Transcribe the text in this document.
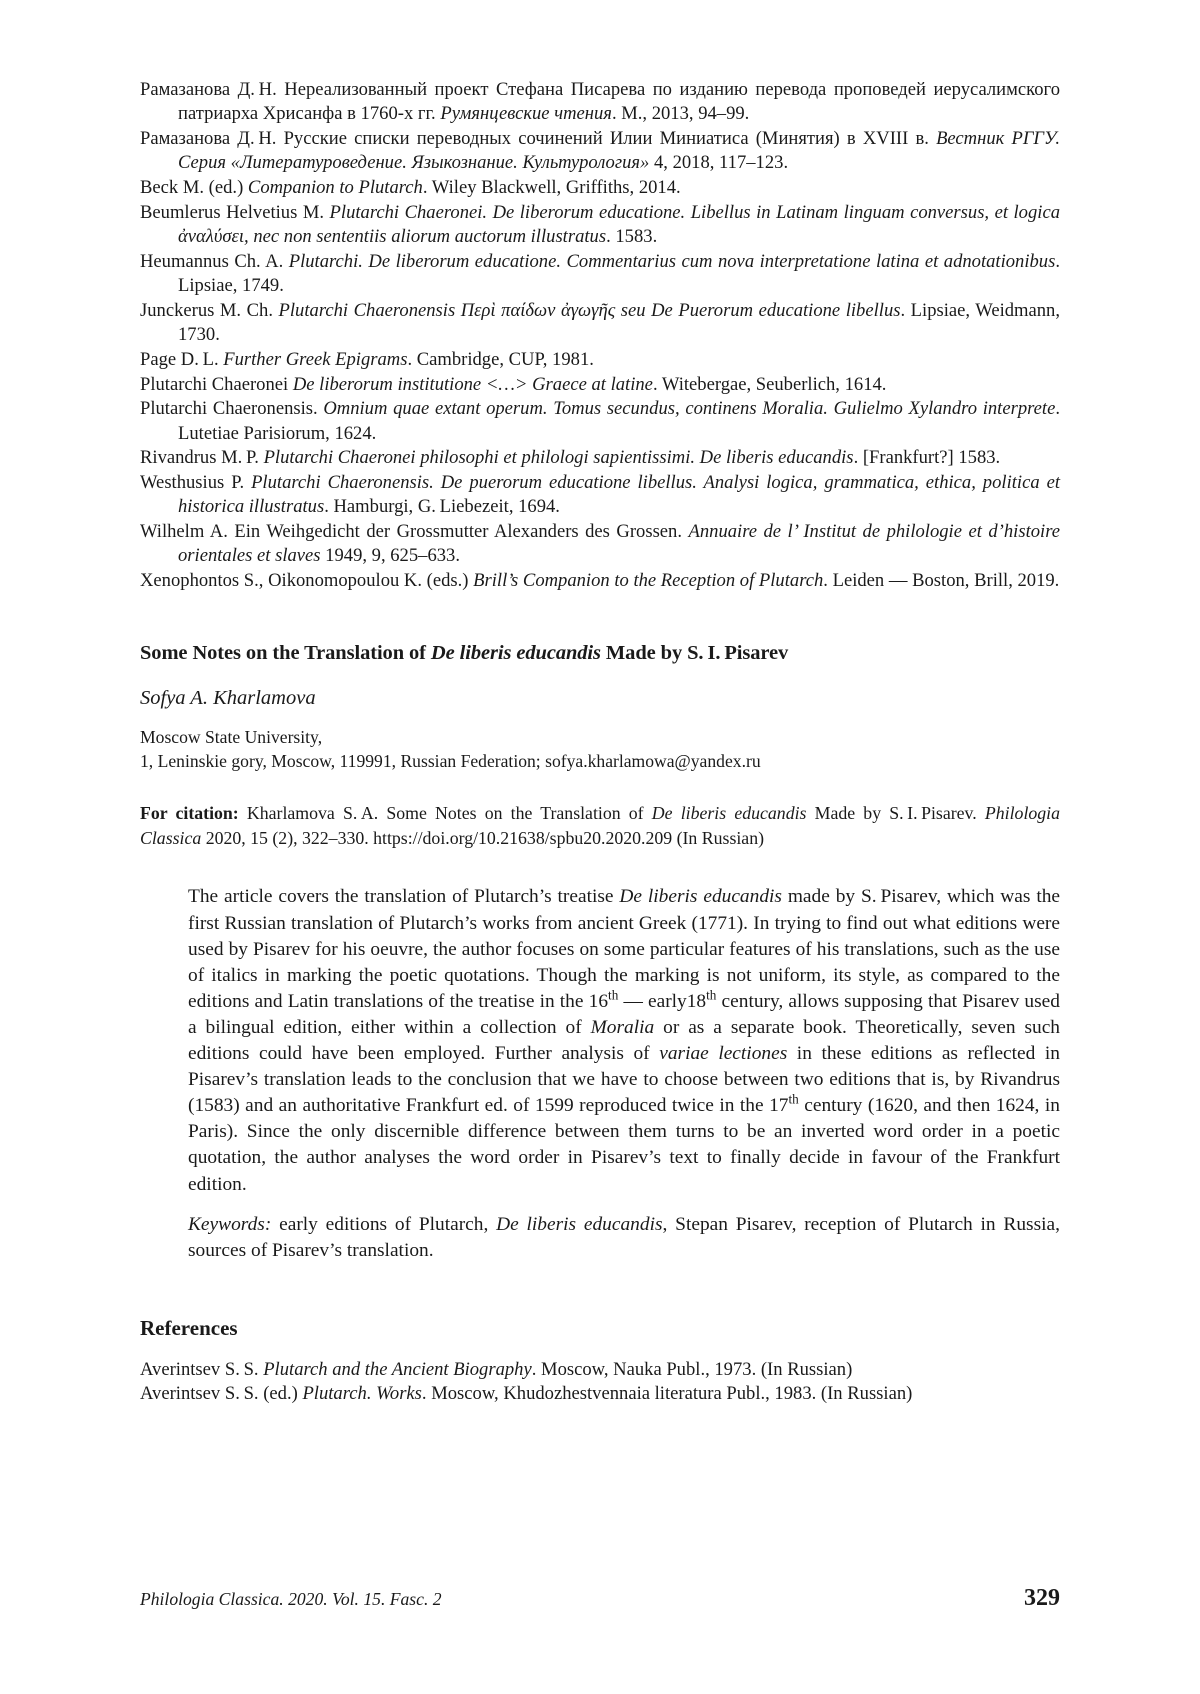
Рамазанова Д. Н. Нереализованный проект Стефана Писарева по изданию перевода проповедей иерусалимского патриарха Хрисанфа в 1760-х гг. Румянцевские чтения. М., 2013, 94–99.
Рамазанова Д. Н. Русские списки переводных сочинений Илии Миниатиса (Минятия) в XVIII в. Вестник РГГУ. Серия «Литературоведение. Языкознание. Культурология» 4, 2018, 117–123.
Beck M. (ed.) Companion to Plutarch. Wiley Blackwell, Griffiths, 2014.
Beumlerus Helvetius M. Plutarchi Chaeronei. De liberorum educatione. Libellus in Latinam linguam conversus, et logica ἀναλύσει, nec non sententiis aliorum auctorum illustratus. 1583.
Heumannus Ch. A. Plutarchi. De liberorum educatione. Commentarius cum nova interpretatione latina et adnotationibus. Lipsiae, 1749.
Junckerus M. Ch. Plutarchi Chaeronensis Περὶ παίδων ἀγωγῆς seu De Puerorum educatione libellus. Lipsiae, Weidmann, 1730.
Page D. L. Further Greek Epigrams. Cambridge, CUP, 1981.
Plutarchi Chaeronei De liberorum institutione <…> Graece at latine. Witebergae, Seuberlich, 1614.
Plutarchi Chaeronensis. Omnium quae extant operum. Tomus secundus, continens Moralia. Gulielmo Xylandro interprete. Lutetiae Parisiorum, 1624.
Rivandrus M. P. Plutarchi Chaeronei philosophi et philologi sapientissimi. De liberis educandis. [Frankfurt?] 1583.
Westhusius P. Plutarchi Chaeronensis. De puerorum educatione libellus. Analysi logica, grammatica, ethica, politica et historica illustratus. Hamburgi, G. Liebezeit, 1694.
Wilhelm A. Ein Weihgedicht der Grossmutter Alexanders des Grossen. Annuaire de l’ Institut de philologie et d’histoire orientales et slaves 1949, 9, 625–633.
Xenophontos S., Oikonomopoulou K. (eds.) Brill’s Companion to the Reception of Plutarch. Leiden — Boston, Brill, 2019.
Some Notes on the Translation of De liberis educandis Made by S. I. Pisarev
Sofya A. Kharlamova
Moscow State University,
1, Leninskie gory, Moscow, 119991, Russian Federation; sofya.kharlamowa@yandex.ru
For citation: Kharlamova S. A. Some Notes on the Translation of De liberis educandis Made by S. I. Pisarev. Philologia Classica 2020, 15 (2), 322–330. https://doi.org/10.21638/spbu20.2020.209 (In Russian)

The article covers the translation of Plutarch’s treatise De liberis educandis made by S. Pisarev, which was the first Russian translation of Plutarch’s works from ancient Greek (1771). In trying to find out what editions were used by Pisarev for his oeuvre, the author focuses on some particular features of his translations, such as the use of italics in marking the poetic quotations. Though the marking is not uniform, its style, as compared to the editions and Latin translations of the treatise in the 16th — early18th century, allows supposing that Pisarev used a bilingual edition, either within a collection of Moralia or as a separate book. Theoretically, seven such editions could have been employed. Further analysis of variae lectiones in these editions as reflected in Pisarev’s translation leads to the conclusion that we have to choose between two editions that is, by Rivandrus (1583) and an authoritative Frankfurt ed. of 1599 reproduced twice in the 17th century (1620, and then 1624, in Paris). Since the only discernible difference between them turns to be an inverted word order in a poetic quotation, the author analyses the word order in Pisarev’s text to finally decide in favour of the Frankfurt edition.

Keywords: early editions of Plutarch, De liberis educandis, Stepan Pisarev, reception of Plutarch in Russia, sources of Pisarev’s translation.

References
Averintsev S. S. Plutarch and the Ancient Biography. Moscow, Nauka Publ., 1973. (In Russian)
Averintsev S. S. (ed.) Plutarch. Works. Moscow, Khudozhestvennaia literatura Publ., 1983. (In Russian)
Philologia Classica. 2020. Vol. 15. Fasc. 2	329
